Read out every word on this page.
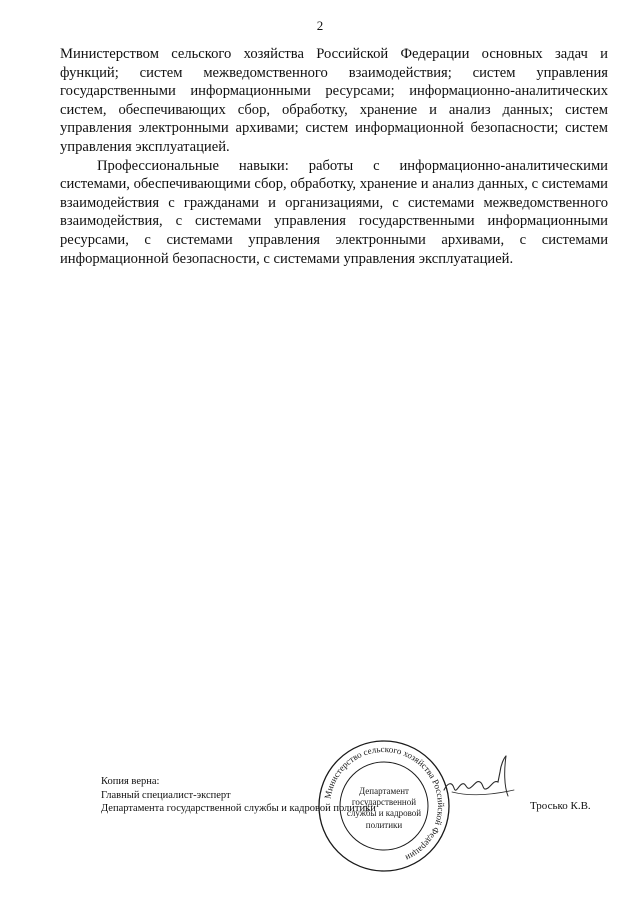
2

Министерством сельского хозяйства Российской Федерации основных задач и функций; систем межведомственного взаимодействия; систем управления государственными информационными ресурсами; информационно-аналитических систем, обеспечивающих сбор, обработку, хранение и анализ данных; систем управления электронными архивами; систем информационной безопасности; систем управления эксплуатацией.

Профессиональные навыки: работы с информационно-аналитическими системами, обеспечивающими сбор, обработку, хранение и анализ данных, с системами взаимодействия с гражданами и организациями, с системами межведомственного взаимодействия, с системами управления государственными информационными ресурсами, с системами управления электронными архивами, с системами информационной безопасности, с системами управления эксплуатацией.

Копия верна:
Главный специалист-эксперт
Департамента государственной службы и кадровой политики	Тросько К.В.
Министерство сельского хозяйства Российской Федерации
Департамент
государственной
службы и кадровой
политики
